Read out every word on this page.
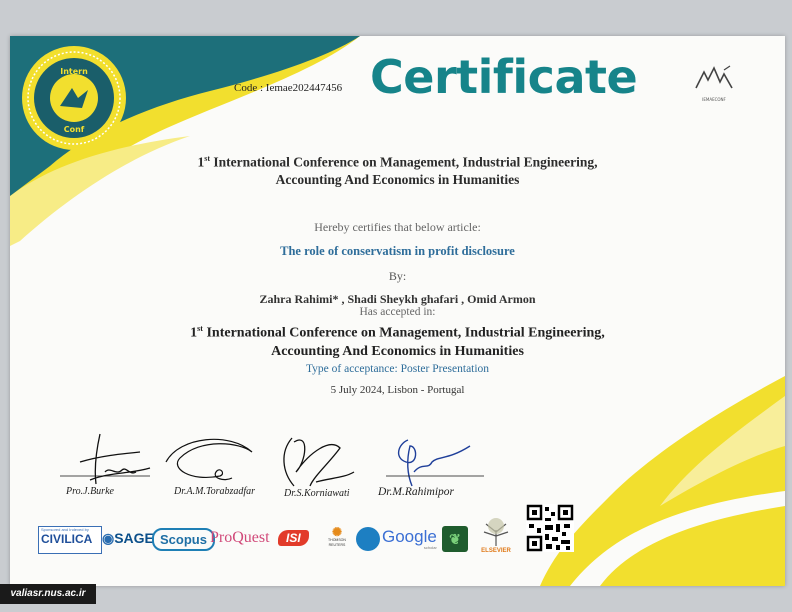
Intern
Conf
Code : Iemae202447456 Certificate	IEMAECONF
1st International Conference on Management, Industrial Engineering,
Accounting And Economics in Humanities
Hereby certifies that below article:
The role of conservatism in profit disclosure
By:
Zahra Rahimi* , Shadi Sheykh ghafari , Omid Armon
Has accepted in:
1st International Conference on Management, Industrial Engineering,
Accounting And Economics in Humanities
Type of acceptance: Poster Presentation
5 July 2024, Lisbon - Portugal
Pro.J.Burke	Dr.A.M.Torabzadfar	Dr.S.Korniawati Dr.M.Rahimipor
Sponsored and Indexed by
CIVILICA ◉SAGE Scopus ProQuest	ISI	✺
THOMSON REUTERS	Google
scholar
❦
ELSEVIER
valiasr.nus.ac.ir
